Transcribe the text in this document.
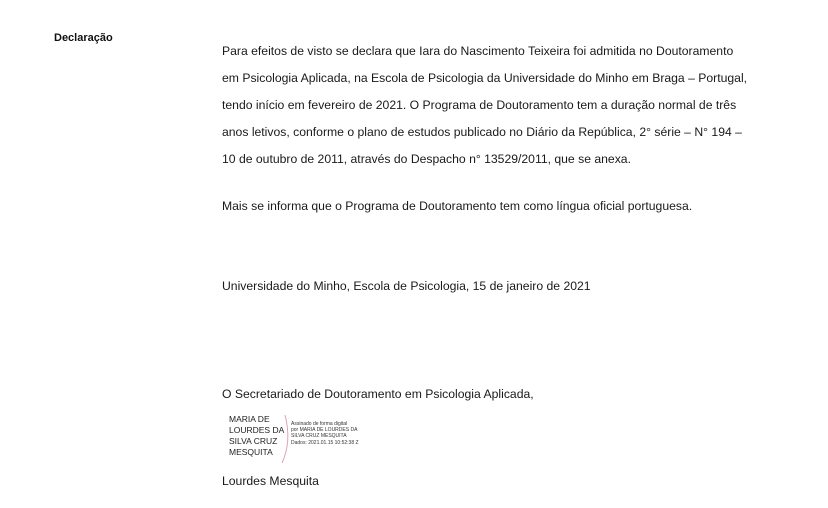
Declaração

Para efeitos de visto se declara que Iara do Nascimento Teixeira foi admitida no Doutoramento

em Psicologia Aplicada, na Escola de Psicologia da Universidade do Minho em Braga – Portugal,

tendo início em fevereiro de 2021. O Programa de Doutoramento tem a duração normal de três

anos letivos, conforme o plano de estudos publicado no Diário da República, 2° série – N° 194 –

10 de outubro de 2011, através do Despacho n° 13529/2011, que se anexa.

Mais se informa que o Programa de Doutoramento tem como língua oficial portuguesa.

Universidade do Minho, Escola de Psicologia, 15 de janeiro de 2021

O Secretariado de Doutoramento em Psicologia Aplicada,

MARIA DE
LOURDES DA
SILVA CRUZ
MESQUITA
Assinado de forma digital
por MARIA DE LOURDES DA
SILVA CRUZ MESQUITA
Dados: 2021.01.15 10:52:38 Z

Lourdes Mesquita
